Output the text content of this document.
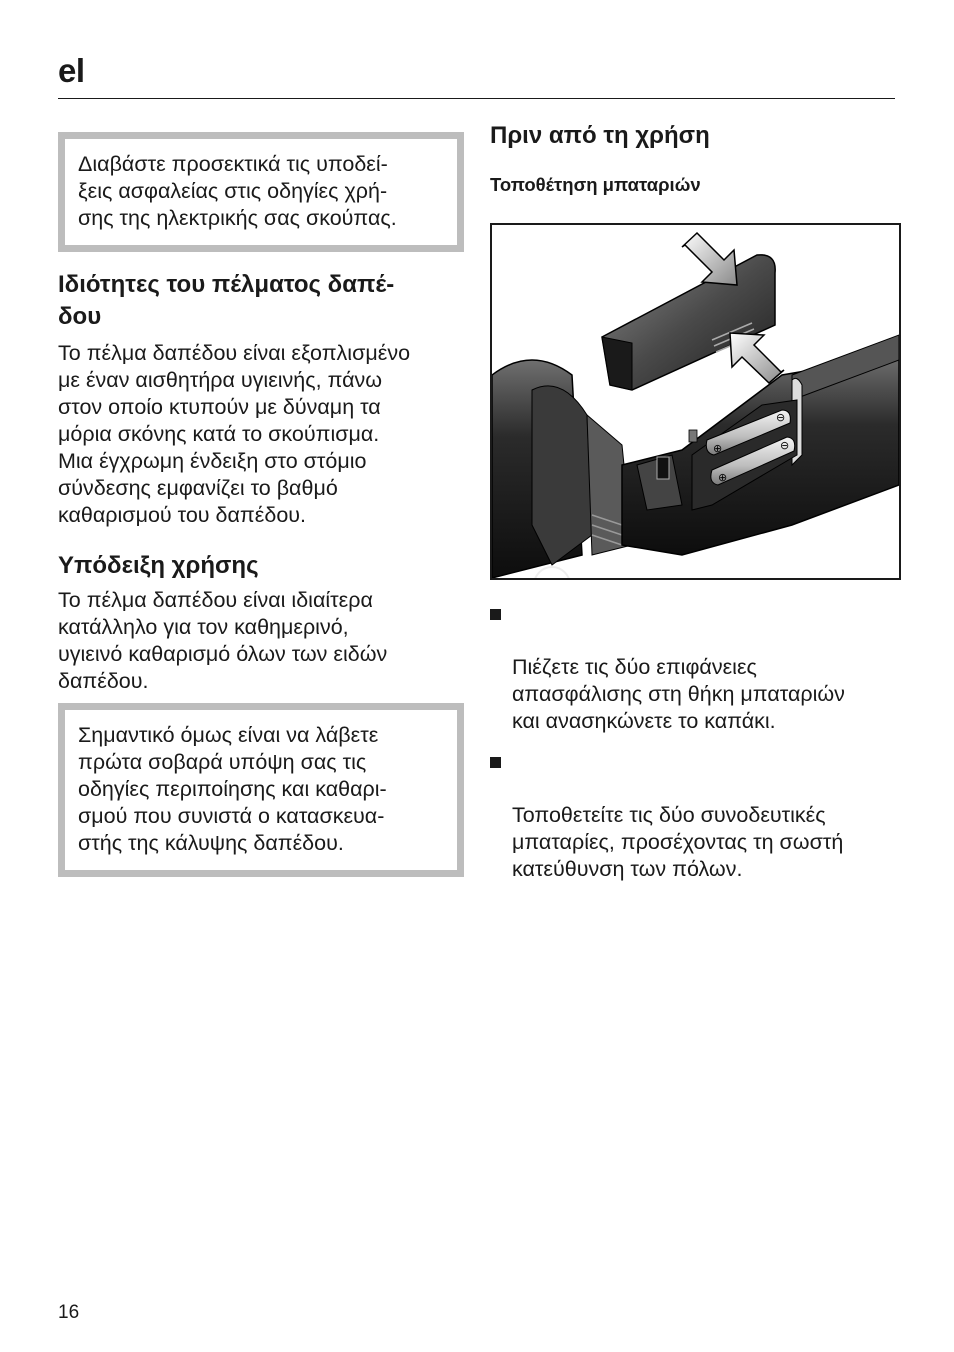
el

Διαβάστε προσεκτικά τις υποδεί-
ξεις ασφαλείας στις οδηγίες χρή-
σης της ηλεκτρικής σας σκούπας.

Ιδιότητες του πέλματος δαπέ-
δου

Το πέλμα δαπέδου είναι εξοπλισμένο
με έναν αισθητήρα υγιεινής, πάνω
στον οποίο κτυπούν με δύναμη τα
μόρια σκόνης κατά το σκούπισμα.
Μια έγχρωμη ένδειξη στο στόμιο
σύνδεσης εμφανίζει το βαθμό
καθαρισμού του δαπέδου.

Υπόδειξη χρήσης

Το πέλμα δαπέδου είναι ιδιαίτερα
κατάλληλο για τον καθημερινό,
υγιεινό καθαρισμό όλων των ειδών
δαπέδου.

Σημαντικό όμως είναι να λάβετε
πρώτα σοβαρά υπόψη σας τις
οδηγίες περιποίησης και καθαρι-
σμού που συνιστά ο κατασκευα-
στής της κάλυψης δαπέδου.

Πριν από τη χρήση

Τοποθέτηση μπαταριών

⊕
⊕
⊖
⊖

Πιέζετε τις δύο επιφάνειες
απασφάλισης στη θήκη μπαταριών
και ανασηκώνετε το καπάκι.

Τοποθετείτε τις δύο συνοδευτικές
μπαταρίες, προσέχοντας τη σωστή
κατεύθυνση των πόλων.

16
